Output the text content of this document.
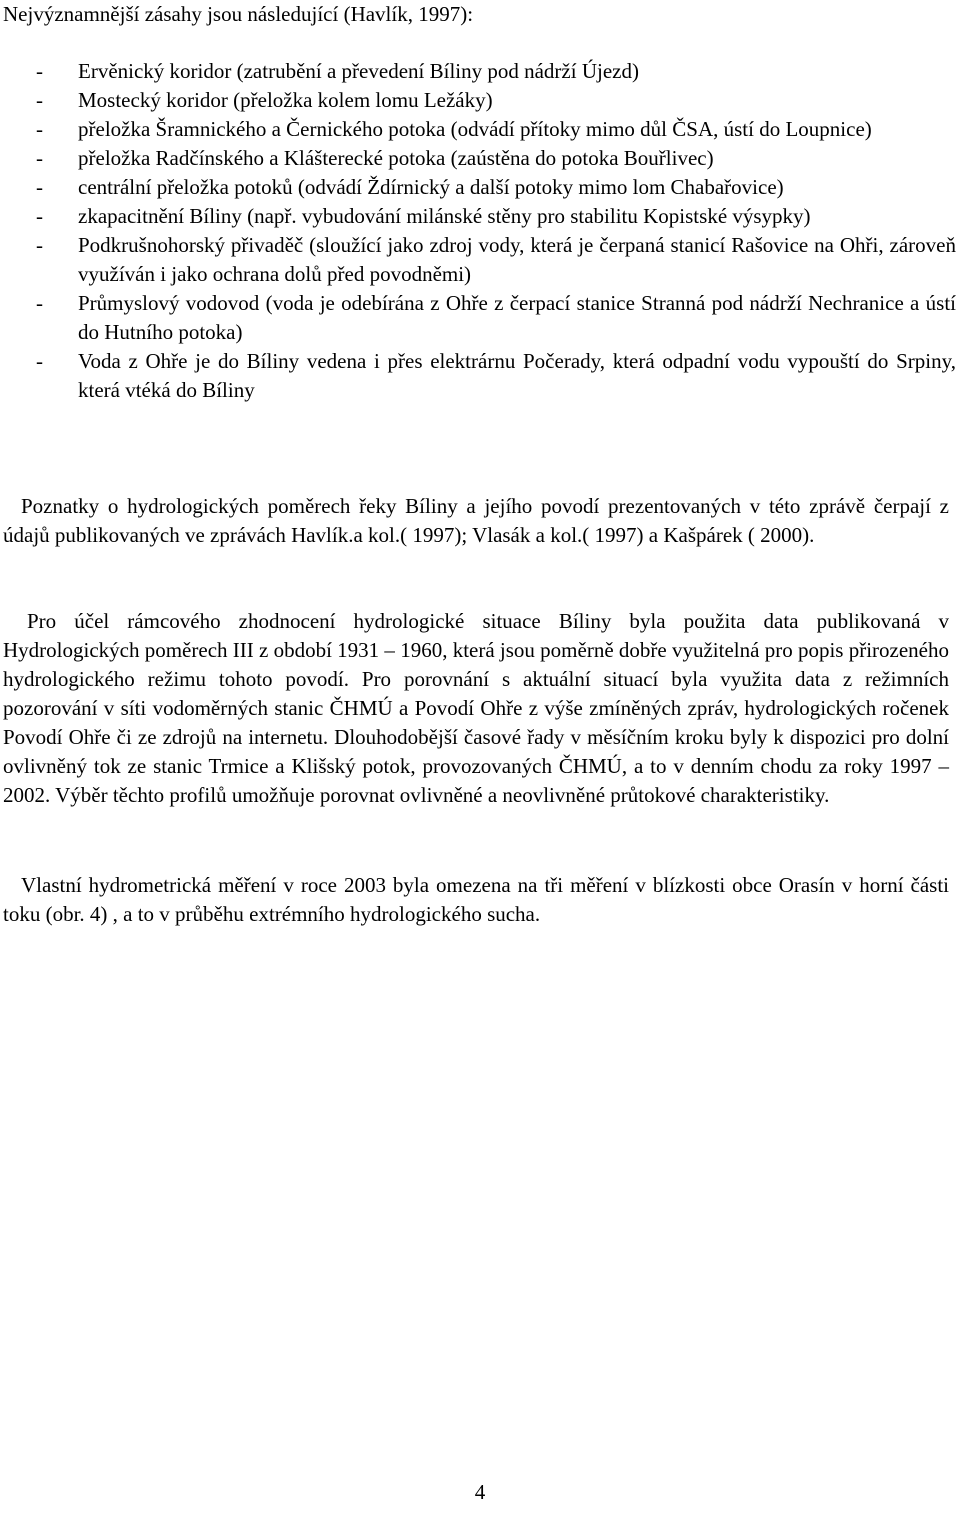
Nejvýznamnější zásahy jsou následující (Havlík, 1997):

- Ervěnický koridor (zatrubění a převedení Bíliny pod nádrží Újezd)
- Mostecký koridor (přeložka kolem lomu Ležáky)
- přeložka Šramnického a Černického potoka (odvádí přítoky mimo důl ČSA, ústí do Loupnice)
- přeložka Radčínského a Klášterecké potoka (zaústěna do potoka Bouřlivec)
- centrální přeložka potoků (odvádí Ždírnický a další potoky mimo lom Chabařovice)
- zkapacitnění Bíliny (např. vybudování milánské stěny pro stabilitu Kopistské výsypky)
- Podkrušnohorský přivaděč (sloužící jako zdroj vody, která je čerpaná stanicí Rašovice na Ohři, zároveň využíván i jako ochrana dolů před povodněmi)
- Průmyslový vodovod (voda je odebírána z Ohře z čerpací stanice Stranná pod nádrží Nechranice a ústí do Hutního potoka)
- Voda z Ohře je do Bíliny vedena i přes elektrárnu Počerady, která odpadní vodu vypouští do Srpiny, která vtéká do Bíliny

Poznatky o hydrologických poměrech řeky Bíliny a jejího povodí prezentovaných v této zprávě čerpají z údajů publikovaných ve zprávách Havlík.a kol.( 1997); Vlasák a kol.( 1997) a Kašpárek ( 2000).

Pro účel rámcového zhodnocení hydrologické situace Bíliny byla použita data publikovaná v Hydrologických poměrech III z období 1931 – 1960, která jsou poměrně dobře využitelná pro popis přirozeného hydrologického režimu tohoto povodí. Pro porovnání s aktuální situací byla využita data z režimních pozorování v síti vodoměrných stanic ČHMÚ a Povodí Ohře z výše zmíněných zpráv, hydrologických ročenek Povodí Ohře či ze zdrojů na internetu. Dlouhodobější časové řady v měsíčním kroku byly k dispozici pro dolní ovlivněný tok ze stanic Trmice a Klišský potok, provozovaných ČHMÚ, a to v denním chodu za roky 1997 – 2002. Výběr těchto profilů umožňuje porovnat ovlivněné a neovlivněné průtokové charakteristiky.

Vlastní hydrometrická měření v roce 2003 byla omezena na tři měření v blízkosti obce Orasín v horní části toku (obr. 4) , a to v průběhu extrémního hydrologického sucha.

4
